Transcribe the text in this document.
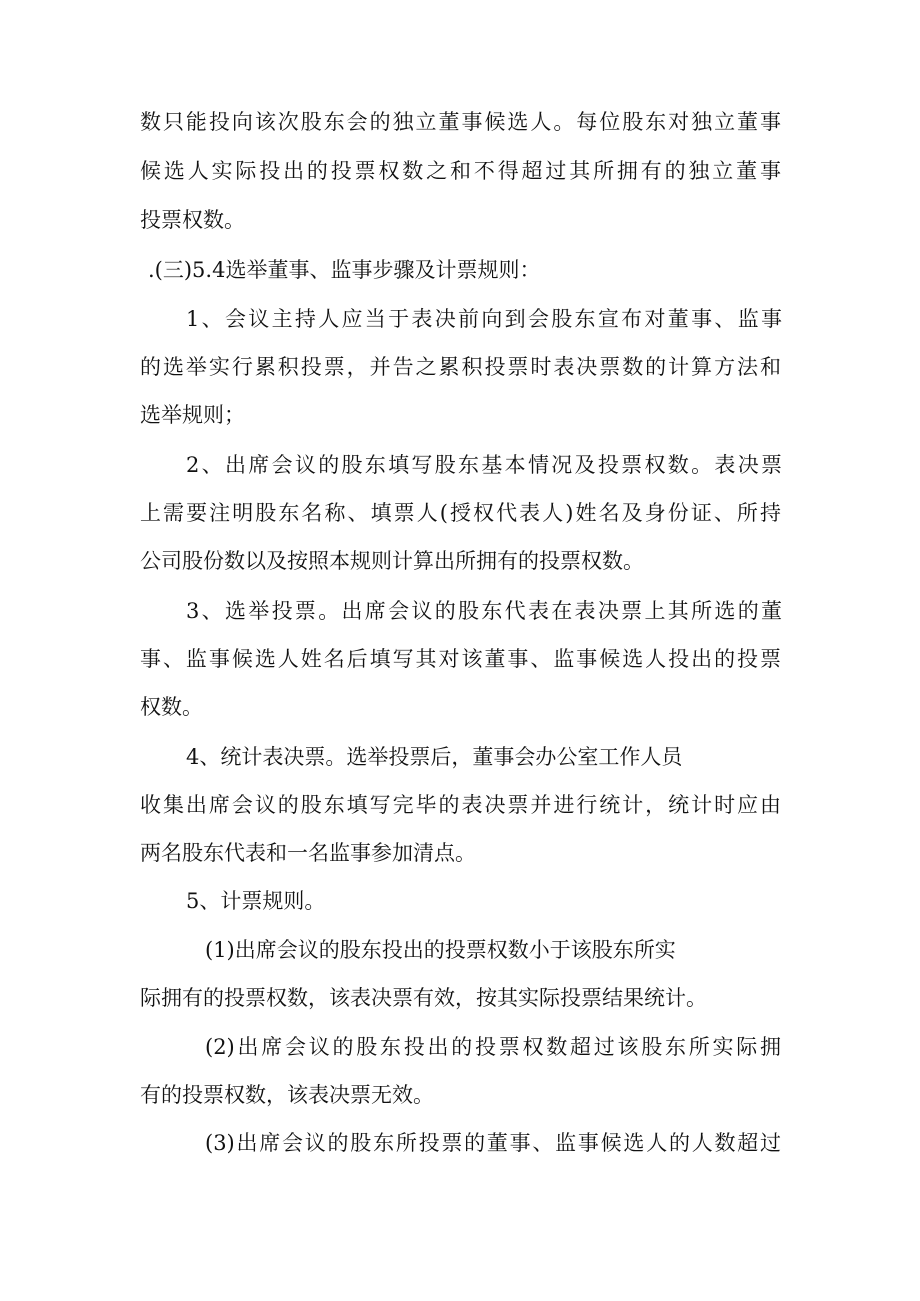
数只能投向该次股东会的独立董事候选人。每位股东对独立董事

候选人实际投出的投票权数之和不得超过其所拥有的独立董事

投票权数。

.(三)5.4选举董事、监事步骤及计票规则：

1、会议主持人应当于表决前向到会股东宣布对董事、监事

的选举实行累积投票，并告之累积投票时表决票数的计算方法和

选举规则；

2、出席会议的股东填写股东基本情况及投票权数。表决票

上需要注明股东名称、填票人(授权代表人)姓名及身份证、所持

公司股份数以及按照本规则计算出所拥有的投票权数。

3、选举投票。出席会议的股东代表在表决票上其所选的董

事、监事候选人姓名后填写其对该董事、监事候选人投出的投票

权数。

4、统计表决票。选举投票后，董事会办公室工作人员

收集出席会议的股东填写完毕的表决票并进行统计，统计时应由

两名股东代表和一名监事参加清点。

5、计票规则。

(1)出席会议的股东投出的投票权数小于该股东所实

际拥有的投票权数，该表决票有效，按其实际投票结果统计。

(2)出席会议的股东投出的投票权数超过该股东所实际拥

有的投票权数，该表决票无效。

(3)出席会议的股东所投票的董事、监事候选人的人数超过
